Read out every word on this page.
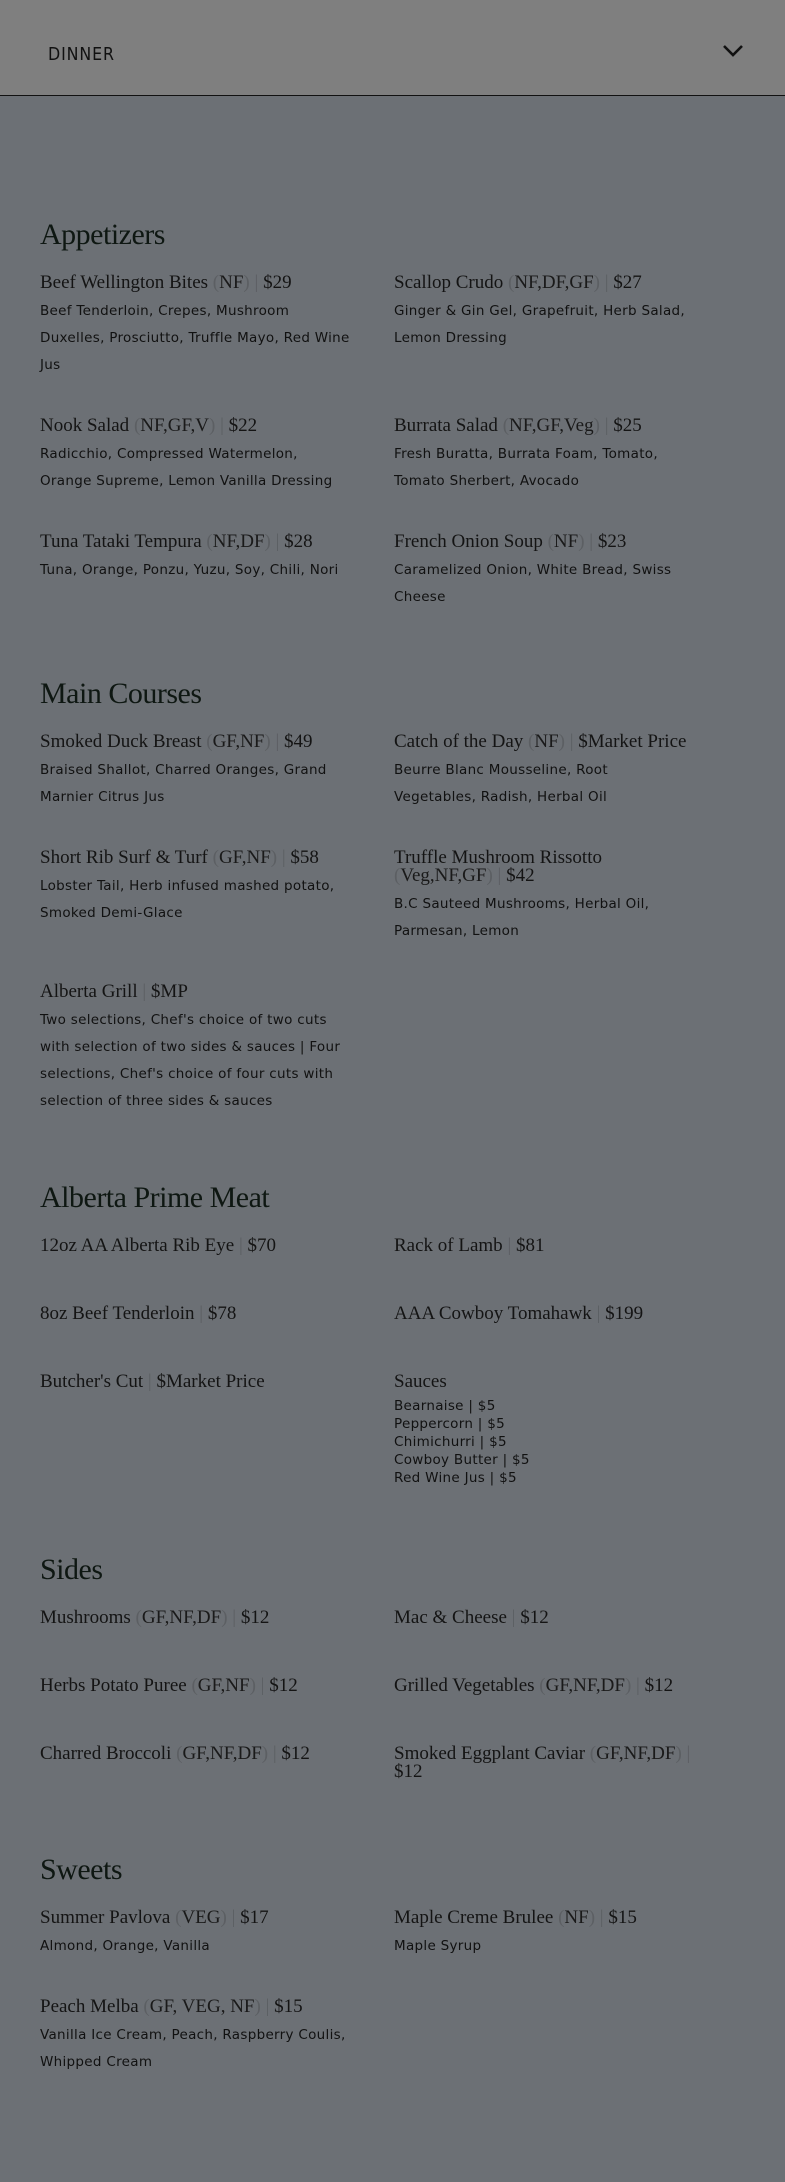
DINNER
Appetizers
Beef Wellington Bites (NF) | $29
Beef Tenderloin, Crepes, Mushroom Duxelles, Prosciutto, Truffle Mayo, Red Wine Jus
Scallop Crudo (NF,DF,GF) | $27
Ginger & Gin Gel, Grapefruit, Herb Salad, Lemon Dressing
Nook Salad (NF,GF,V) | $22
Radicchio, Compressed Watermelon, Orange Supreme, Lemon Vanilla Dressing
Burrata Salad (NF,GF,Veg) | $25
Fresh Buratta, Burrata Foam, Tomato, Tomato Sherbert, Avocado
Tuna Tataki Tempura (NF,DF) | $28
Tuna, Orange, Ponzu, Yuzu, Soy, Chili, Nori
French Onion Soup (NF) | $23
Caramelized Onion, White Bread, Swiss Cheese
Main Courses
Smoked Duck Breast (GF,NF) | $49
Braised Shallot, Charred Oranges, Grand Marnier Citrus Jus
Catch of the Day (NF) | $Market Price
Beurre Blanc Mousseline, Root Vegetables, Radish, Herbal Oil
Short Rib Surf & Turf (GF,NF) | $58
Lobster Tail, Herb infused mashed potato, Smoked Demi-Glace
Truffle Mushroom Rissotto (Veg,NF,GF) | $42
B.C Sauteed Mushrooms, Herbal Oil, Parmesan, Lemon
Alberta Grill | $MP
Two selections, Chef's choice of two cuts with selection of two sides & sauces | Four selections, Chef's choice of four cuts with selection of three sides & sauces
Alberta Prime Meat
12oz AA Alberta Rib Eye | $70	Rack of Lamb | $81
8oz Beef Tenderloin | $78	AAA Cowboy Tomahawk | $199
Butcher's Cut | $Market Price	Sauces
Bearnaise | $5
Peppercorn | $5
Chimichurri | $5
Cowboy Butter | $5
Red Wine Jus | $5
Sides
Mushrooms (GF,NF,DF) | $12	Mac & Cheese | $12
Herbs Potato Puree (GF,NF) | $12	Grilled Vegetables (GF,NF,DF) | $12
Charred Broccoli (GF,NF,DF) | $12	Smoked Eggplant Caviar (GF,NF,DF) | $12
Sweets
Summer Pavlova (VEG) | $17
Almond, Orange, Vanilla
Maple Creme Brulee (NF) | $15
Maple Syrup
Peach Melba (GF, VEG, NF) | $15
Vanilla Ice Cream, Peach, Raspberry Coulis, Whipped Cream
